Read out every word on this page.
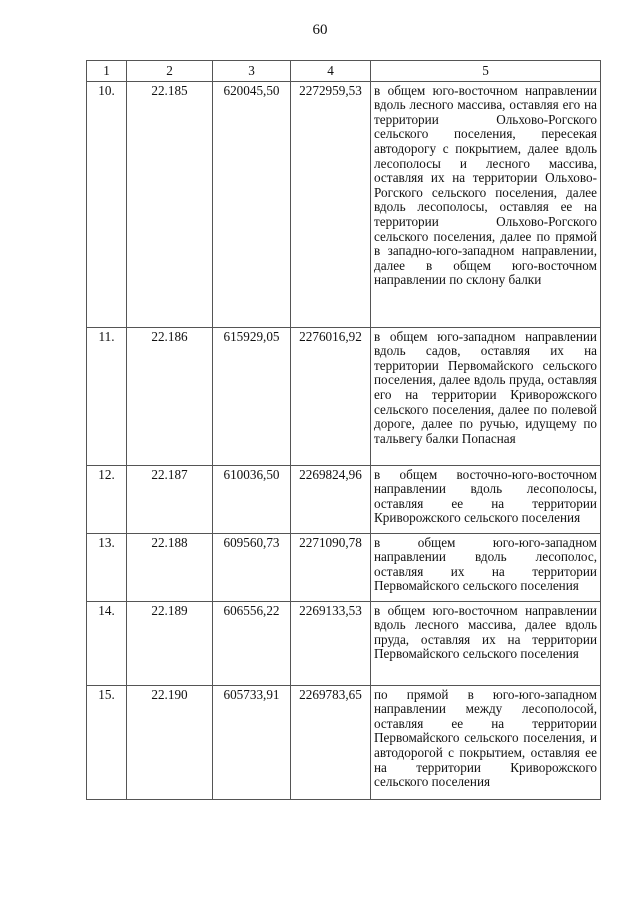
60
1	2	3	4	5
10.	22.185	620045,50	2272959,53	в общем юго-восточном направлении вдоль лесного массива, оставляя его на территории Ольхово-Рогского сельского поселения, пересекая автодорогу с покрытием, далее вдоль лесополосы и лесного массива, оставляя их на территории Ольхово-Рогского сельского поселения, далее вдоль лесополосы, оставляя ее на территории Ольховo-Рогского сельского поселения, далее по прямой в западно-юго-западном направлении, далее в общем юго-восточном направлении по склону балки
11.	22.186	615929,05	2276016,92	в общем юго-западном направлении вдоль садов, оставляя их на территории Первомайского сельского поселения, далее вдоль пруда, оставляя его на территории Криворожского сельского поселения, далее по полевой дороге, далее по ручью, идущему по тальвегу балки Попасная
12.	22.187	610036,50	2269824,96	в общем восточно-юго-восточном направлении вдоль лесополосы, оставляя ее на территории Криворожского сельского поселения
13.	22.188	609560,73	2271090,78	в общем юго-юго-западном направлении вдоль лесополос, оставляя их на территории Первомайского сельского поселения
14.	22.189	606556,22	2269133,53	в общем юго-восточном направлении вдоль лесного массива, далее вдоль пруда, оставляя их на территории Первомайского сельского поселения
15.	22.190	605733,91	2269783,65	по прямой в юго-юго-западном направлении между лесополосой, оставляя ее на территории Первомайского сельского поселения, и автодорогой с покрытием, оставляя ее на территории Криворожского сельского поселения
